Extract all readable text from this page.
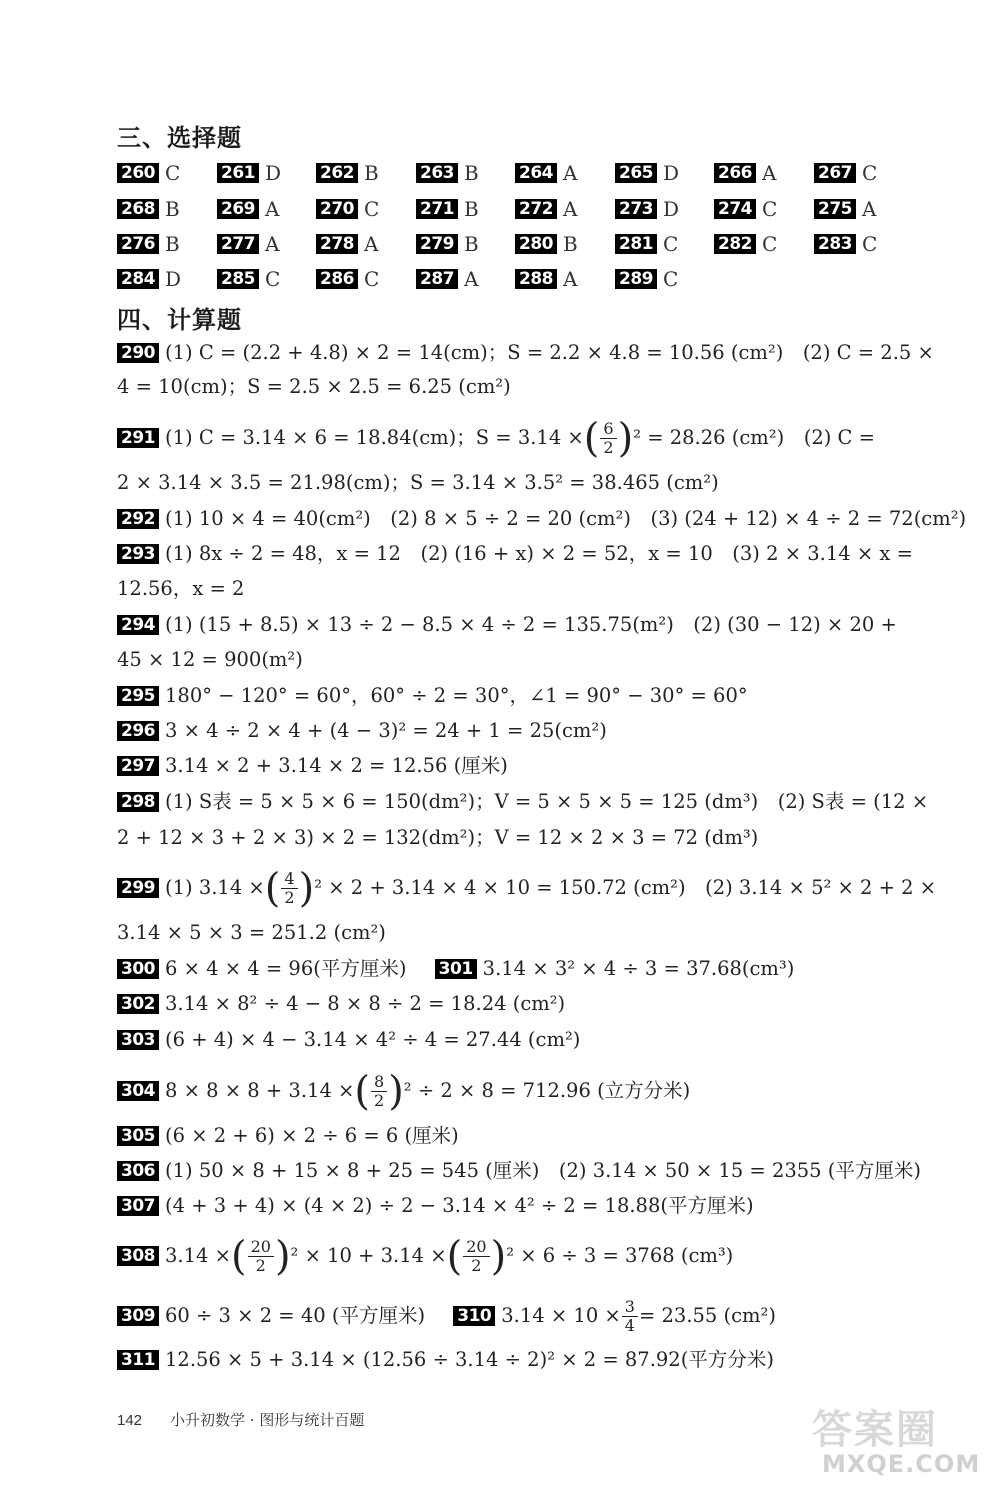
三、选择题
260 C 261 D 262 B 263 B 264 A 265 D 266 A 267 C
268 B 269 A 270 C 271 B 272 A 273 D 274 C 275 A
276 B 277 A 278 A 279 B 280 B 281 C 282 C 283 C
284 D 285 C 286 C 287 A 288 A 289 C
四、计算题
290 (1) C = (2.2 + 4.8) × 2 = 14(cm)；S = 2.2 × 4.8 = 10.56 (cm²)　(2) C = 2.5 ×
4 = 10(cm)；S = 2.5 × 2.5 = 6.25 (cm²)
291 (1) C = 3.14 × 6 = 18.84(cm)；S = 3.14 ×( $\frac{6}{2} )^2 = 28.26$ (cm²)　(2) C =
2 × 3.14 × 3.5 = 21.98(cm)；S = 3.14 × 3.5² = 38.465 (cm²)
292 (1) 10 × 4 = 40(cm²)　(2) 8 × 5 ÷ 2 = 20 (cm²)　(3) (24 + 12) × 4 ÷ 2 = 72(cm²)
293 (1) 8x ÷ 2 = 48，x = 12　(2) (16 + x) × 2 = 52，x = 10　(3) 2 × 3.14 × x =
12.56，x = 2
294 (1) (15 + 8.5) × 13 ÷ 2 − 8.5 × 4 ÷ 2 = 135.75(m²)　(2) (30 − 12) × 20 +
45 × 12 = 900(m²)
295 180° − 120° = 60°，60° ÷ 2 = 30°，∠1 = 90° − 30° = 60°
296 3 × 4 ÷ 2 × 4 + (4 − 3)² = 24 + 1 = 25(cm²)
297 3.14 × 2 + 3.14 × 2 = 12.56 (厘米)
298 (1) S表 = 5 × 5 × 6 = 150(dm²)；V = 5 × 5 × 5 = 125 (dm³)　(2) S表 = (12 ×
2 + 12 × 3 + 2 × 3) × 2 = 132(dm²)；V = 12 × 2 × 3 = 72 (dm³)
299 (1) 3.14 ×( $\frac{4}{2} )^2 \times 2 + 3.14 \times 4 \times 10 = 150.72$ (cm²)　(2) 3.14 × 5² × 2 + 2 ×
3.14 × 5 × 3 = 251.2 (cm²)
300 6 × 4 × 4 = 96(平方厘米) 301 3.14 × 3² × 4 ÷ 3 = 37.68(cm³)
302 3.14 × 8² ÷ 4 − 8 × 8 ÷ 2 = 18.24 (cm²)
303 (6 + 4) × 4 − 3.14 × 4² ÷ 4 = 27.44 (cm²)
304 8 × 8 × 8 + 3.14 ×( $\frac{8}{2} )^2 \div 2 \times 8 = 712.96$ (立方分米)
305 (6 × 2 + 6) × 2 ÷ 6 = 6 (厘米)
306 (1) 50 × 8 + 15 × 8 + 25 = 545 (厘米)　(2) 3.14 × 50 × 15 = 2355 (平方厘米)
307 (4 + 3 + 4) × (4 × 2) ÷ 2 − 3.14 × 4² ÷ 2 = 18.88(平方厘米)
308 3.14 ×( $\frac{20}{2} )^2 \times 10 + 3.14$ ×( $\frac{20}{2} )^2 \times 6 \div 3 = 3768$ (cm³)
309 60 ÷ 3 × 2 = 40 (平方厘米) 310 $3.14 \times 10 \times \frac{3}{4} = 23.55$ (cm²)
311 12.56 × 5 + 3.14 × (12.56 ÷ 3.14 ÷ 2)² × 2 = 87.92(平方分米)
142 小升初数学 · 图形与统计百题	答案圈
MXQE.COM
